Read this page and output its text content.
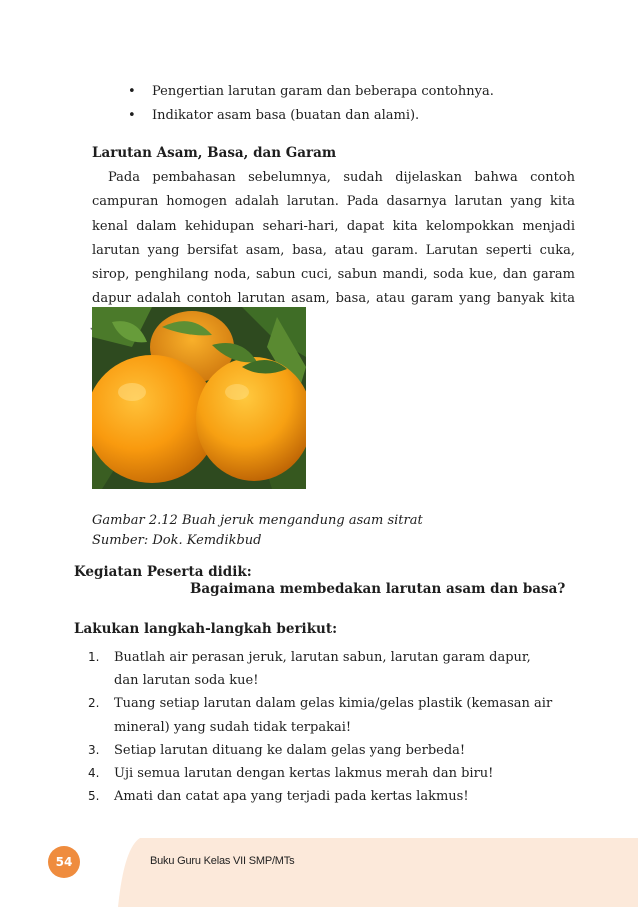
•	Pengertian larutan garam dan beberapa contohnya.
•	Indikator asam basa (buatan dan alami).
Larutan Asam, Basa, dan Garam
Pada pembahasan sebelumnya, sudah dijelaskan bahwa contoh campuran homogen adalah larutan. Pada dasarnya larutan yang kita kenal dalam kehidupan sehari-hari, dapat kita kelompokkan menjadi larutan yang bersifat asam, basa, atau garam. Larutan seperti cuka, sirop, penghilang noda, sabun cuci, sabun mandi, soda kue, dan garam dapur adalah contoh larutan asam, basa, atau garam yang banyak kita
Gambar 2.12 Buah jeruk mengandung asam sitrat
Sumber: Dok. Kemdikbud
Kegiatan Peserta didik:
Bagaimana membedakan larutan asam dan basa?
Lakukan langkah-langkah berikut:
1.	Buatlah air perasan jeruk, larutan sabun, larutan garam dapur, dan larutan soda kue!
2.	Tuang setiap larutan dalam gelas kimia/gelas plastik (kemasan air mineral) yang sudah tidak terpakai!
3.	Setiap larutan dituang ke dalam gelas yang berbeda!
4.	Uji semua larutan dengan kertas lakmus merah dan biru!
5.	Amati dan catat apa yang terjadi pada kertas lakmus!
54	Buku Guru Kelas VII SMP/MTs
